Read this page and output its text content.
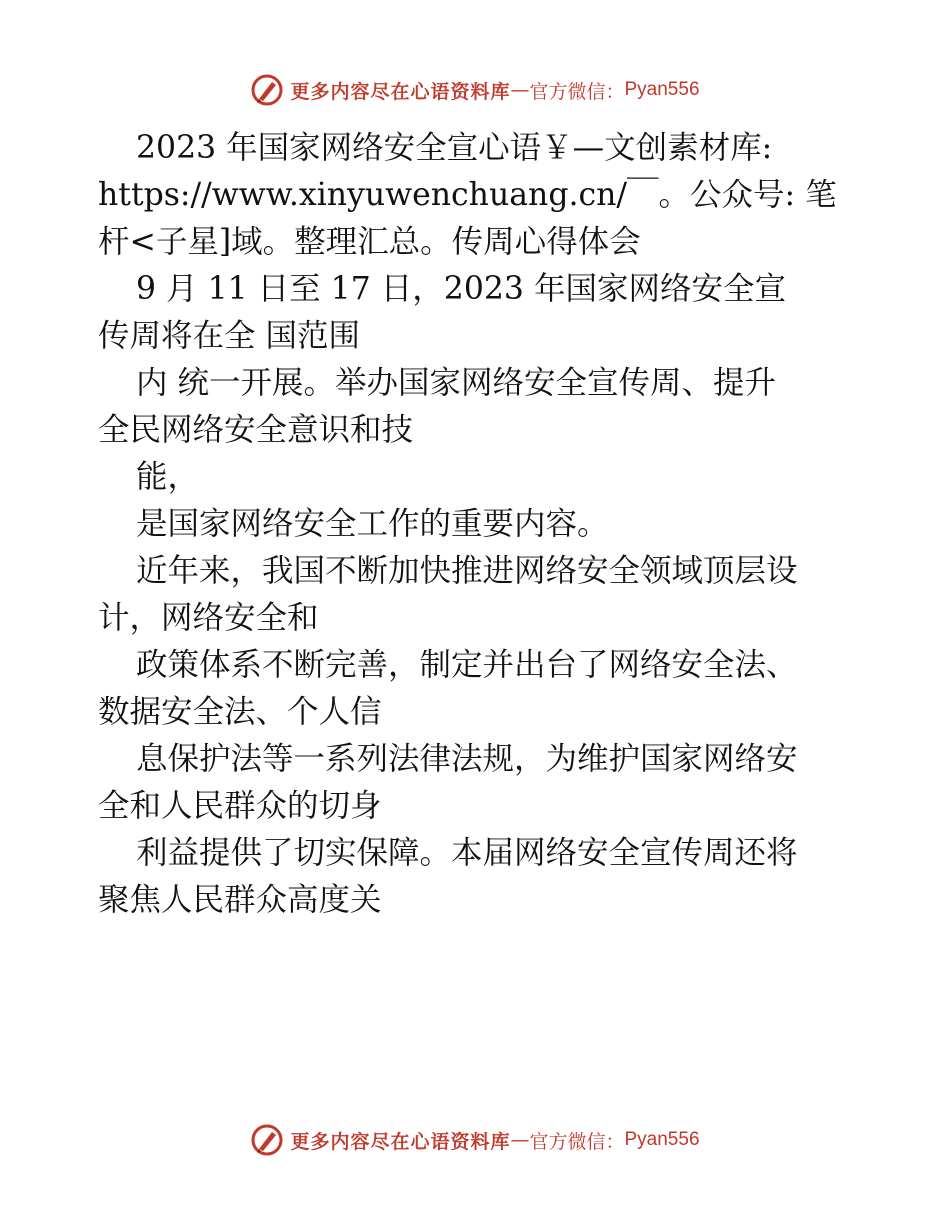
更多内容尽在心语资料库 — 官方微信： Pyan556
2023 年国家网络安全宣心语￥—文创素材库:
https://www.xinyuwenchuang.cn/￣。公众号: 笔
杆<子星]域。整理汇总。传周心得体会
9 月 11 日至 17 日，2023 年国家网络安全宣
传周将在全 国范围
内 统一开展。举办国家网络安全宣传周、提升
全民网络安全意识和技
能，
是国家网络安全工作的重要内容。
近年来，我国不断加快推进网络安全领域顶层设
计，网络安全和
政策体系不断完善，制定并出台了网络安全法、
数据安全法、个人信
息保护法等一系列法律法规，为维护国家网络安
全和人民群众的切身
利益提供了切实保障。本届网络安全宣传周还将
聚焦人民群众高度关
更多内容尽在心语资料库 — 官方微信： Pyan556
